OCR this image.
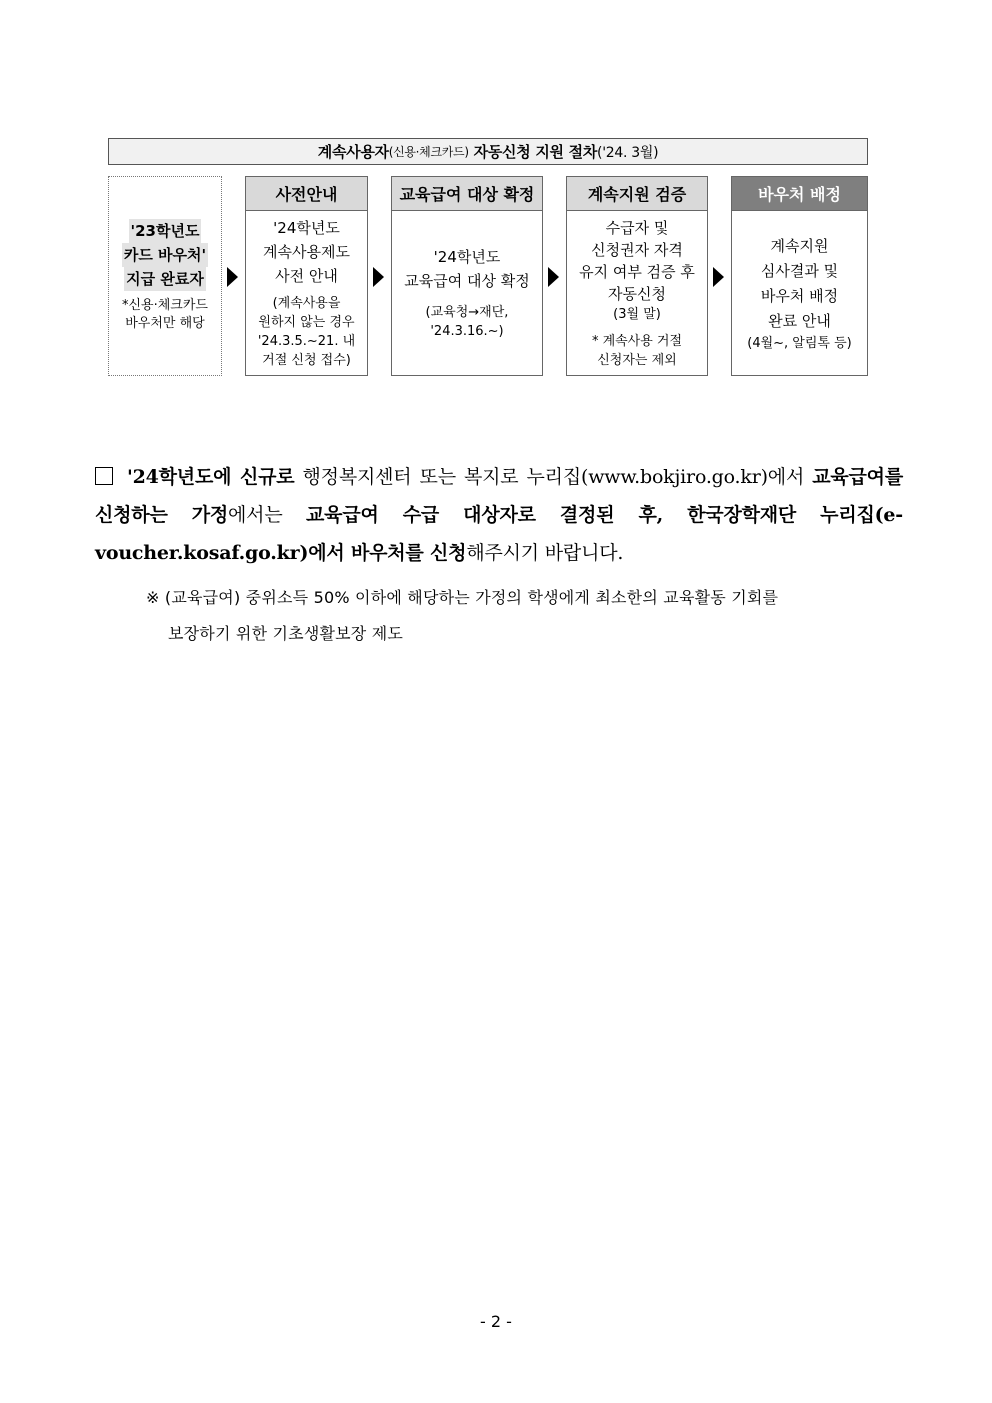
계속사용자 (신용·체크카드) 자동신청 지원 절차 ('24. 3월)
'23학년도
카드 바우처'
지급 완료자
*신용·체크카드
바우처만 해당
사전안내
'24학년도
계속사용제도
사전 안내
(계속사용을
원하지 않는 경우
'24.3.5.~21. 내
거절 신청 접수)
교육급여 대상 확정
'24학년도
교육급여 대상 확정
(교육청→재단,
'24.3.16.~)
계속지원 검증
수급자 및
신청권자 자격
유지 여부 검증 후
자동신청
(3월 말)
* 계속사용 거절
신청자는 제외
바우처 배정
계속지원
심사결과 및
바우처 배정
완료 안내
(4월~, 알림톡 등)
'24학년도에 신규로 행정복지센터 또는 복지로 누리집(www.bokjiro.go.kr)에서 교육급여를 신청하는 가정에서는 교육급여 수급 대상자로 결정된 후, 한국장학재단 누리집(e-voucher.kosaf.go.kr)에서 바우처를 신청해주시기 바랍니다.
※ (교육급여) 중위소득 50% 이하에 해당하는 가정의 학생에게 최소한의 교육활동 기회를
보장하기 위한 기초생활보장 제도
- 2 -
